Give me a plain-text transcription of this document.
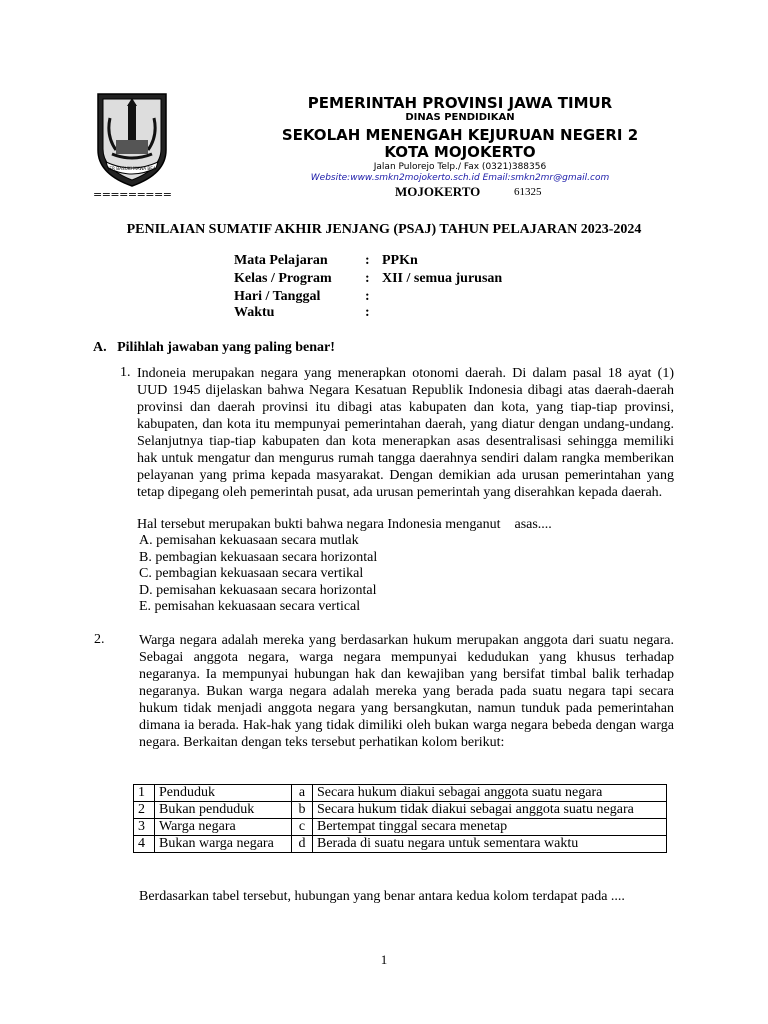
JER BASUKI MAWA BEA
=========
PEMERINTAH PROVINSI JAWA TIMUR
DINAS PENDIDIKAN
SEKOLAH MENENGAH KEJURUAN NEGERI 2
KOTA MOJOKERTO
Jalan Pulorejo Telp./ Fax (0321)388356
Website:www.smkn2mojokerto.sch.id Email:smkn2mr@gmail.com
MOJOKERTO	61325
PENILAIAN SUMATIF AKHIR JENJANG (PSAJ) TAHUN PELAJARAN 2023-2024
Mata Pelajaran	: PPKn
Kelas / Program : XII / semua jurusan
Hari / Tanggal	:
Waktu	:
A.   Pilihlah jawaban yang paling benar!
1. Indoneia merupakan negara yang menerapkan otonomi daerah. Di dalam pasal 18 ayat (1) UUD 1945 dijelaskan bahwa Negara Kesatuan Republik Indonesia dibagi atas daerah-daerah provinsi dan daerah provinsi itu dibagi atas kabupaten dan kota, yang tiap-tiap provinsi, kabupaten, dan kota itu mempunyai pemerintahan daerah, yang diatur dengan undang-undang. Selanjutnya tiap-tiap kabupaten dan kota menerapkan asas desentralisasi sehingga memiliki hak untuk mengatur dan mengurus rumah tangga daerahnya sendiri dalam rangka memberikan pelayanan yang prima kepada masyarakat. Dengan demikian ada urusan pemerintahan yang tetap dipegang oleh pemerintah pusat, ada urusan pemerintah yang diserahkan kepada daerah.
Hal tersebut merupakan bukti bahwa negara Indonesia menganut    asas....
A. pemisahan kekuasaan secara mutlak
B. pembagian kekuasaan secara horizontal
C. pembagian kekuasaan secara vertikal
D. pemisahan kekuasaan secara horizontal
E. pemisahan kekuasaan secara vertical
2. Warga negara adalah mereka yang berdasarkan hukum merupakan anggota dari suatu negara. Sebagai anggota negara, warga negara mempunyai kedudukan yang khusus terhadap negaranya. Ia mempunyai hubungan hak dan kewajiban yang bersifat timbal balik terhadap negaranya. Bukan warga negara adalah mereka yang berada pada suatu negara tapi secara hukum tidak menjadi anggota negara yang bersangkutan, namun tunduk pada pemerintahan dimana ia berada. Hak-hak yang tidak dimiliki oleh bukan warga negara bebeda dengan warga negara. Berkaitan dengan teks tersebut perhatikan kolom berikut:
1	Penduduk	a	Secara hukum diakui sebagai anggota suatu negara
2	Bukan penduduk	b	Secara hukum tidak diakui sebagai anggota suatu negara
3	Warga negara	c	Bertempat tinggal secara menetap
4	Bukan warga negara	d	Berada di suatu negara untuk sementara waktu
Berdasarkan tabel tersebut, hubungan yang benar antara kedua kolom terdapat pada ....
1
